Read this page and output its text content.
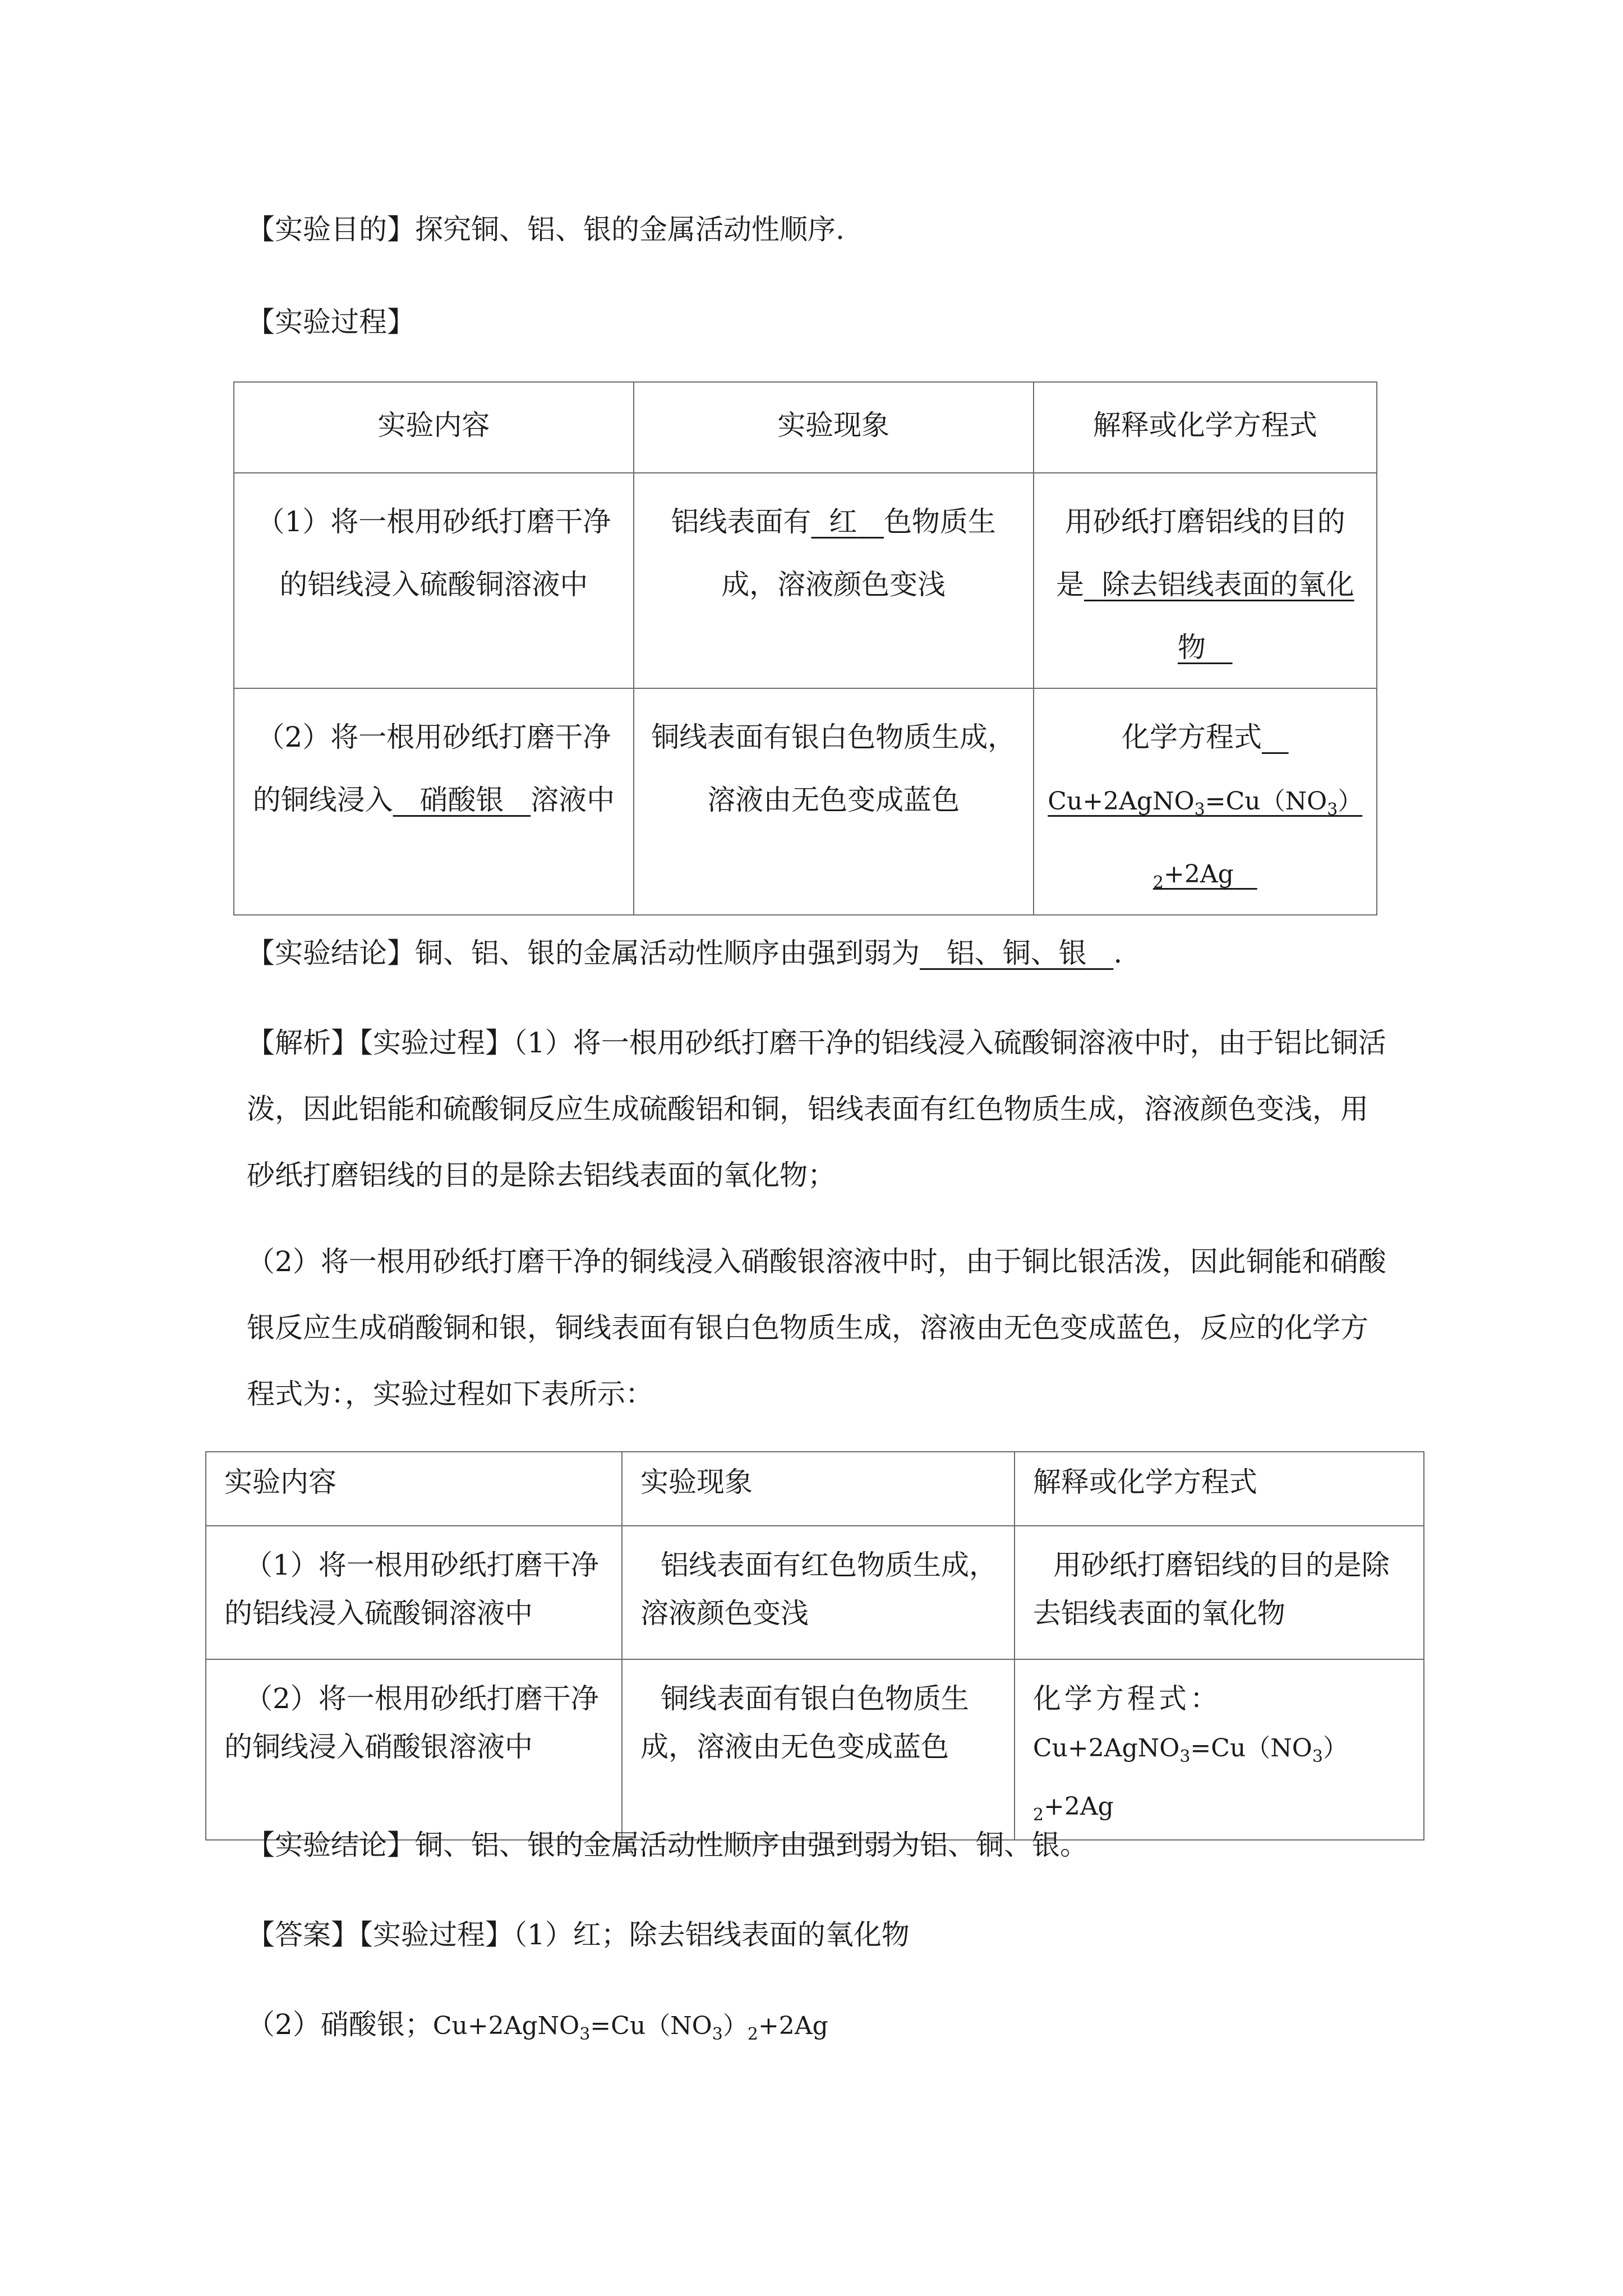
【实验目的】探究铜、铝、银的金属活动性顺序.

【实验过程】

实验内容	实验现象	解释或化学方程式
（1）将一根用砂纸打磨干净的铝线浸入硫酸铜溶液中	铝线表面有 红 色物质生成，溶液颜色变浅	用砂纸打磨铝线的目的是 除去铝线表面的氧化物
（2）将一根用砂纸打磨干净的铜线浸入 硝酸银 溶液中	铜线表面有银白色物质生成，溶液由无色变成蓝色	化学方程式
$Cu+2AgNO_3=Cu(NO_3)$
$_2$+2Ag

【实验结论】铜、铝、银的金属活动性顺序由强到弱为 铝、铜、银 .

【解析】【实验过程】（1）将一根用砂纸打磨干净的铝线浸入硫酸铜溶液中时，由于铝比铜活泼，因此铝能和硫酸铜反应生成硫酸铝和铜，铝线表面有红色物质生成，溶液颜色变浅，用砂纸打磨铝线的目的是除去铝线表面的氧化物；

（2）将一根用砂纸打磨干净的铜线浸入硝酸银溶液中时，由于铜比银活泼，因此铜能和硝酸银反应生成硝酸铜和银，铜线表面有银白色物质生成，溶液由无色变成蓝色，反应的化学方程式为：，实验过程如下表所示：

实验内容	实验现象	解释或化学方程式
（1）将一根用砂纸打磨干净的铝线浸入硫酸铜溶液中	铝线表面有红色物质生成，溶液颜色变浅	用砂纸打磨铝线的目的是除去铝线表面的氧化物
（2）将一根用砂纸打磨干净的铜线浸入硝酸银溶液中	铜线表面有银白色物质生成，溶液由无色变成蓝色	化学方程式：$Cu+2AgNO_3=Cu(NO_3)_2+2Ag$

【实验结论】铜、铝、银的金属活动性顺序由强到弱为铝、铜、银。

【答案】【实验过程】（1）红；除去铝线表面的氧化物

（2）硝酸银；$Cu+2AgNO_3=Cu(NO_3)_2+2Ag$
